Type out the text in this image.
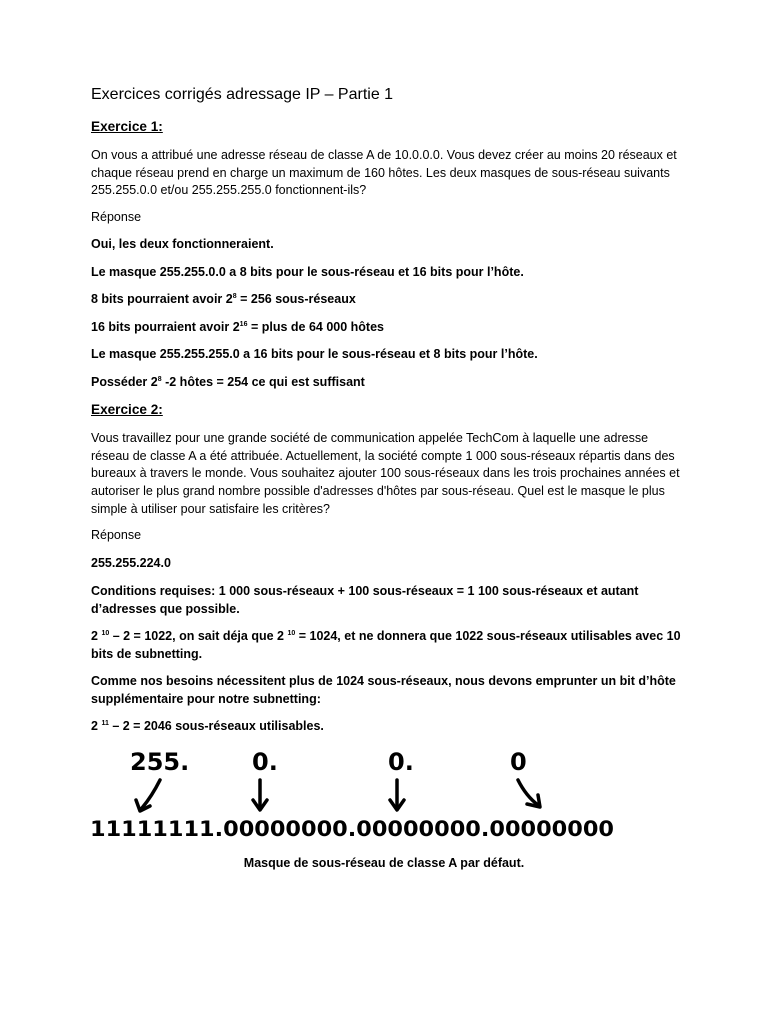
Exercices corrigés adressage IP – Partie 1
Exercice 1:
On vous a attribué une adresse réseau de classe A de 10.0.0.0. Vous devez créer au moins 20 réseaux et chaque réseau prend en charge un maximum de 160 hôtes. Les deux masques de sous-réseau suivants 255.255.0.0 et/ou 255.255.255.0 fonctionnent-ils?
Réponse
Oui, les deux fonctionneraient.
Le masque 255.255.0.0 a 8 bits pour le sous-réseau et 16 bits pour l’hôte.
8 bits pourraient avoir $2^8 = 256$ sous-réseaux
16 bits pourraient avoir $2^{16}$ = plus de 64 000 hôtes
Le masque 255.255.255.0 a 16 bits pour le sous-réseau et 8 bits pour l’hôte.
Posséder $2^8$ -2 hôtes = 254 ce qui est suffisant
Exercice 2:
Vous travaillez pour une grande société de communication appelée TechCom à laquelle une adresse réseau de classe A a été attribuée. Actuellement, la société compte 1 000 sous-réseaux répartis dans des bureaux à travers le monde. Vous souhaitez ajouter 100 sous-réseaux dans les trois prochaines années et autoriser le plus grand nombre possible d'adresses d'hôtes par sous-réseau. Quel est le masque le plus simple à utiliser pour satisfaire les critères?
Réponse
255.255.224.0
Conditions requises: 1 000 sous-réseaux + 100 sous-réseaux = 1 100 sous-réseaux et autant d’adresses que possible.
2 $^{10}$ – 2 = 1022, on sait déja que 2 $^{10}$ = 1024, et ne donnera que 1022 sous-réseaux utilisables avec 10 bits de subnetting.
Comme nos besoins nécessitent plus de 1024 sous-réseaux, nous devons emprunter un bit d’hôte supplémentaire pour notre subnetting:
2 $^{11}$ – 2 = 2046 sous-réseaux utilisables.
255.	0.	0.	0
11111111.00000000.00000000.00000000
Masque de sous-réseau de classe A par défaut.
